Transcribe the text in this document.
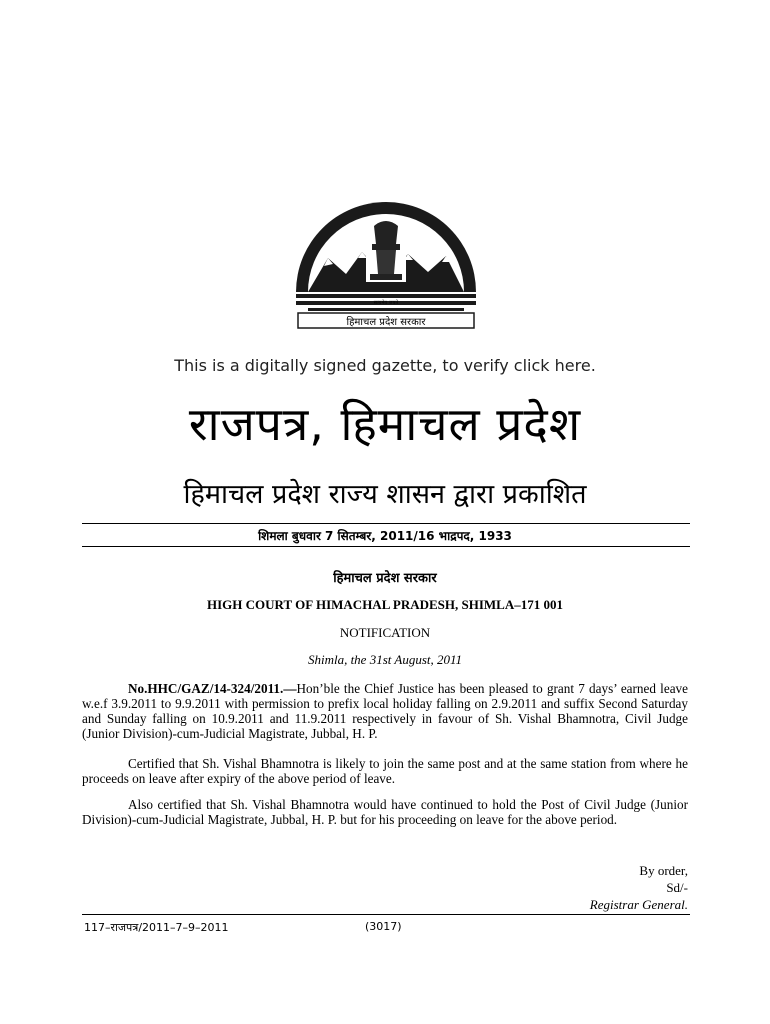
सत्यमेव जयते
हिमाचल प्रदेश सरकार
This is a digitally signed gazette, to verify click here.
राजपत्र, हिमाचल प्रदेश
हिमाचल प्रदेश राज्य शासन द्वारा प्रकाशित
शिमला बुधवार 7 सितम्बर, 2011/16 भाद्रपद, 1933
हिमाचल प्रदेश सरकार
HIGH COURT OF HIMACHAL PRADESH, SHIMLA–171 001
NOTIFICATION
Shimla, the 31st August, 2011

No.HHC/GAZ/14-324/2011.—Hon’ble the Chief Justice has been pleased to grant 7 days’ earned leave w.e.f 3.9.2011 to 9.9.2011 with permission to prefix local holiday falling on 2.9.2011 and suffix Second Saturday and Sunday falling on 10.9.2011 and 11.9.2011 respectively in favour of Sh. Vishal Bhamnotra, Civil Judge (Junior Division)-cum-Judicial Magistrate, Jubbal, H. P.

Certified that Sh. Vishal Bhamnotra is likely to join the same post and at the same station from where he proceeds on leave after expiry of the above period of leave.

Also certified that Sh. Vishal Bhamnotra would have continued to hold the Post of Civil Judge (Junior Division)-cum-Judicial Magistrate, Jubbal, H. P. but for his proceeding on leave for the above period.

By order,
Sd/-
Registrar General.
117–राजपत्र/2011–7–9–2011	(3017)
